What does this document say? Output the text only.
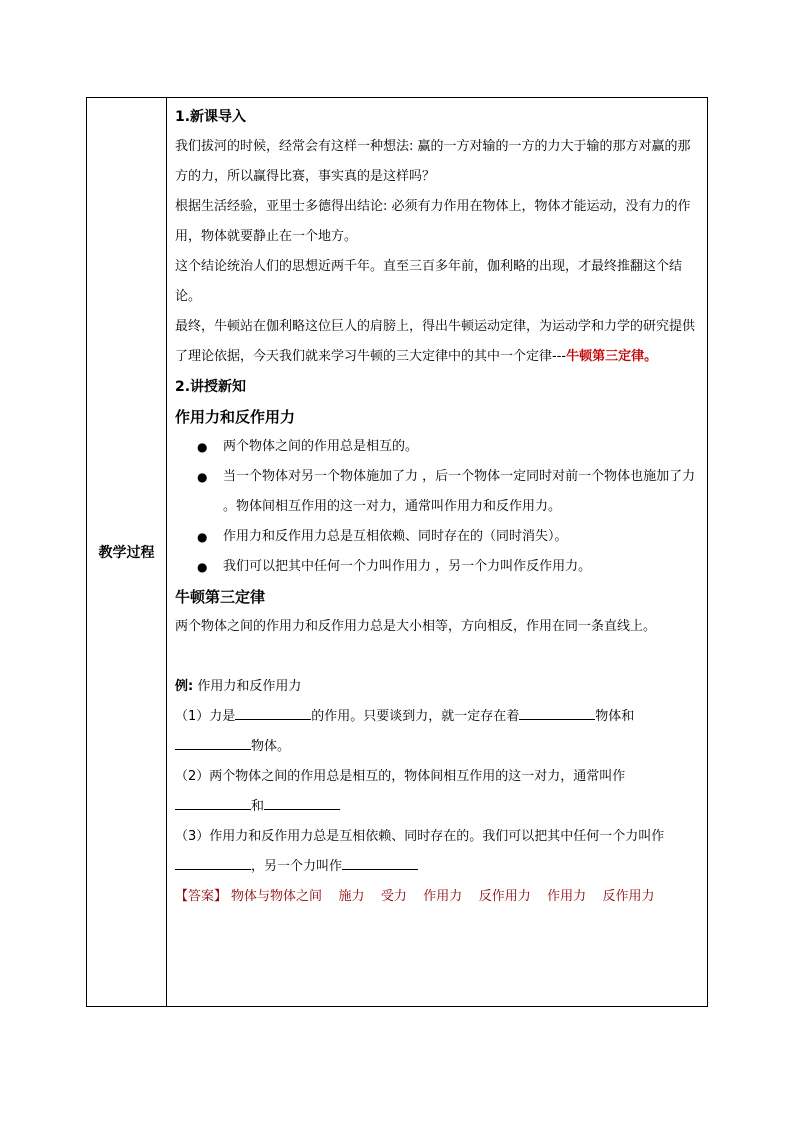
教学过程

1.新课导入

我们拔河的时候，经常会有这样一种想法: 赢的一方对输的一方的力大于输的那方对赢的那方的力，所以赢得比赛，事实真的是这样吗？

根据生活经验，亚里士多德得出结论: 必须有力作用在物体上，物体才能运动，没有力的作用，物体就要静止在一个地方。

这个结论统治人们的思想近两千年。直至三百多年前，伽利略的出现，才最终推翻这个结论。

最终，牛顿站在伽利略这位巨人的肩膀上，得出牛顿运动定律，为运动学和力学的研究提供了理论依据，今天我们就来学习牛顿的三大定律中的其中一个定律---牛顿第三定律。

2.讲授新知

作用力和反作用力

● 两个物体之间的作用总是相互的。
● 当一个物体对另一个物体施加了力 ，后一个物体一定同时对前一个物体也施加了力 。物体间相互作用的这一对力，通常叫作用力和反作用力。
● 作用力和反作用力总是互相依赖、同时存在的（同时消失）。
● 我们可以把其中任何一个力叫作用力 ，另一个力叫作反作用力。

牛顿第三定律

两个物体之间的作用力和反作用力总是大小相等，方向相反，作用在同一条直线上。

例: 作用力和反作用力

（1）力是	的作用。只要谈到力，就一定存在着	物体和
物体。

（2）两个物体之间的作用总是相互的，物体间相互作用的这一对力，通常叫作
和

（3）作用力和反作用力总是互相依赖、同时存在的。我们可以把其中任何一个力叫作
，另一个力叫作

【答案】 物体与物体之间 施力 受力 作用力 反作用力 作用力 反作用力
